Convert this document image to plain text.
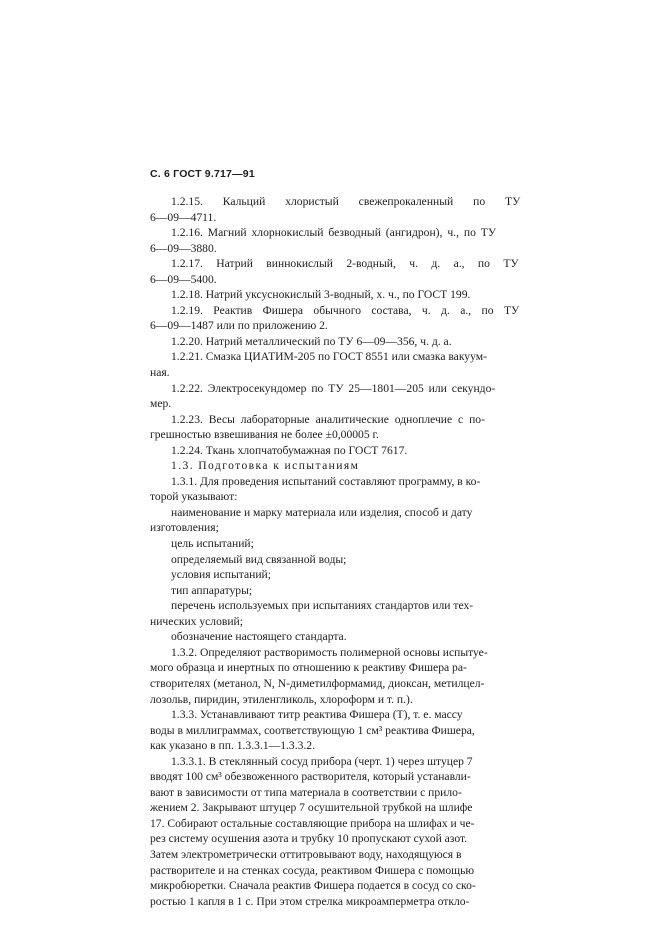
С. 6 ГОСТ 9.717—91
1.2.15. Кальций хлористый свежепрокаленный по ТУ
6—09—4711.
1.2.16. Магний хлорнокислый безводный (ангидрон), ч., по ТУ
6—09—3880.
1.2.17. Натрий виннокислый 2-водный, ч. д. а., по ТУ
6—09—5400.
1.2.18. Натрий уксуснокислый 3-водный, х. ч., по ГОСТ 199.
1.2.19. Реактив Фишера обычного состава, ч. д. а., по ТУ
6—09—1487 или по приложению 2.
1.2.20. Натрий металлический по ТУ 6—09—356, ч. д. а.
1.2.21. Смазка ЦИАТИМ-205 по ГОСТ 8551 или смазка вакуум-
ная.
1.2.22. Электросекундомер по ТУ 25—1801—205 или секундо-
мер.
1.2.23. Весы лабораторные аналитические одноплечие с по-
грешностью взвешивания не более ±0,00005 г.
1.2.24. Ткань хлопчатобумажная по ГОСТ 7617.
1.3. Подготовка к испытаниям
1.3.1. Для проведения испытаний составляют программу, в ко-
торой указывают:
наименование и марку материала или изделия, способ и дату
изготовления;
цель испытаний;
определяемый вид связанной воды;
условия испытаний;
тип аппаратуры;
перечень используемых при испытаниях стандартов или тех-
нических условий;
обозначение настоящего стандарта.
1.3.2. Определяют растворимость полимерной основы испытуе-
мого образца и инертных по отношению к реактиву Фишера ра-
створителях (метанол, N, N-диметилформамид, диоксан, метилцел-
лозольв, пиридин, этиленгликоль, хлороформ и т. п.).
1.3.3. Устанавливают титр реактива Фишера (Т), т. е. массу
воды в миллиграммах, соответствующую 1 см³ реактива Фишера,
как указано в пп. 1.3.3.1—1.3.3.2.
1.3.3.1. В стеклянный сосуд прибора (черт. 1) через штуцер 7
вводят 100 см³ обезвоженного растворителя, который устанавли-
вают в зависимости от типа материала в соответствии с прило-
жением 2. Закрывают штуцер 7 осушительной трубкой на шлифе
17. Собирают остальные составляющие прибора на шлифах и че-
рез систему осушения азота и трубку 10 пропускают сухой азот.
Затем электрометрически оттитровывают воду, находящуюся в
растворителе и на стенках сосуда, реактивом Фишера с помощью
микробюретки. Сначала реактив Фишера подается в сосуд со ско-
ростью 1 капля в 1 с. При этом стрелка микроамперметра откло-
